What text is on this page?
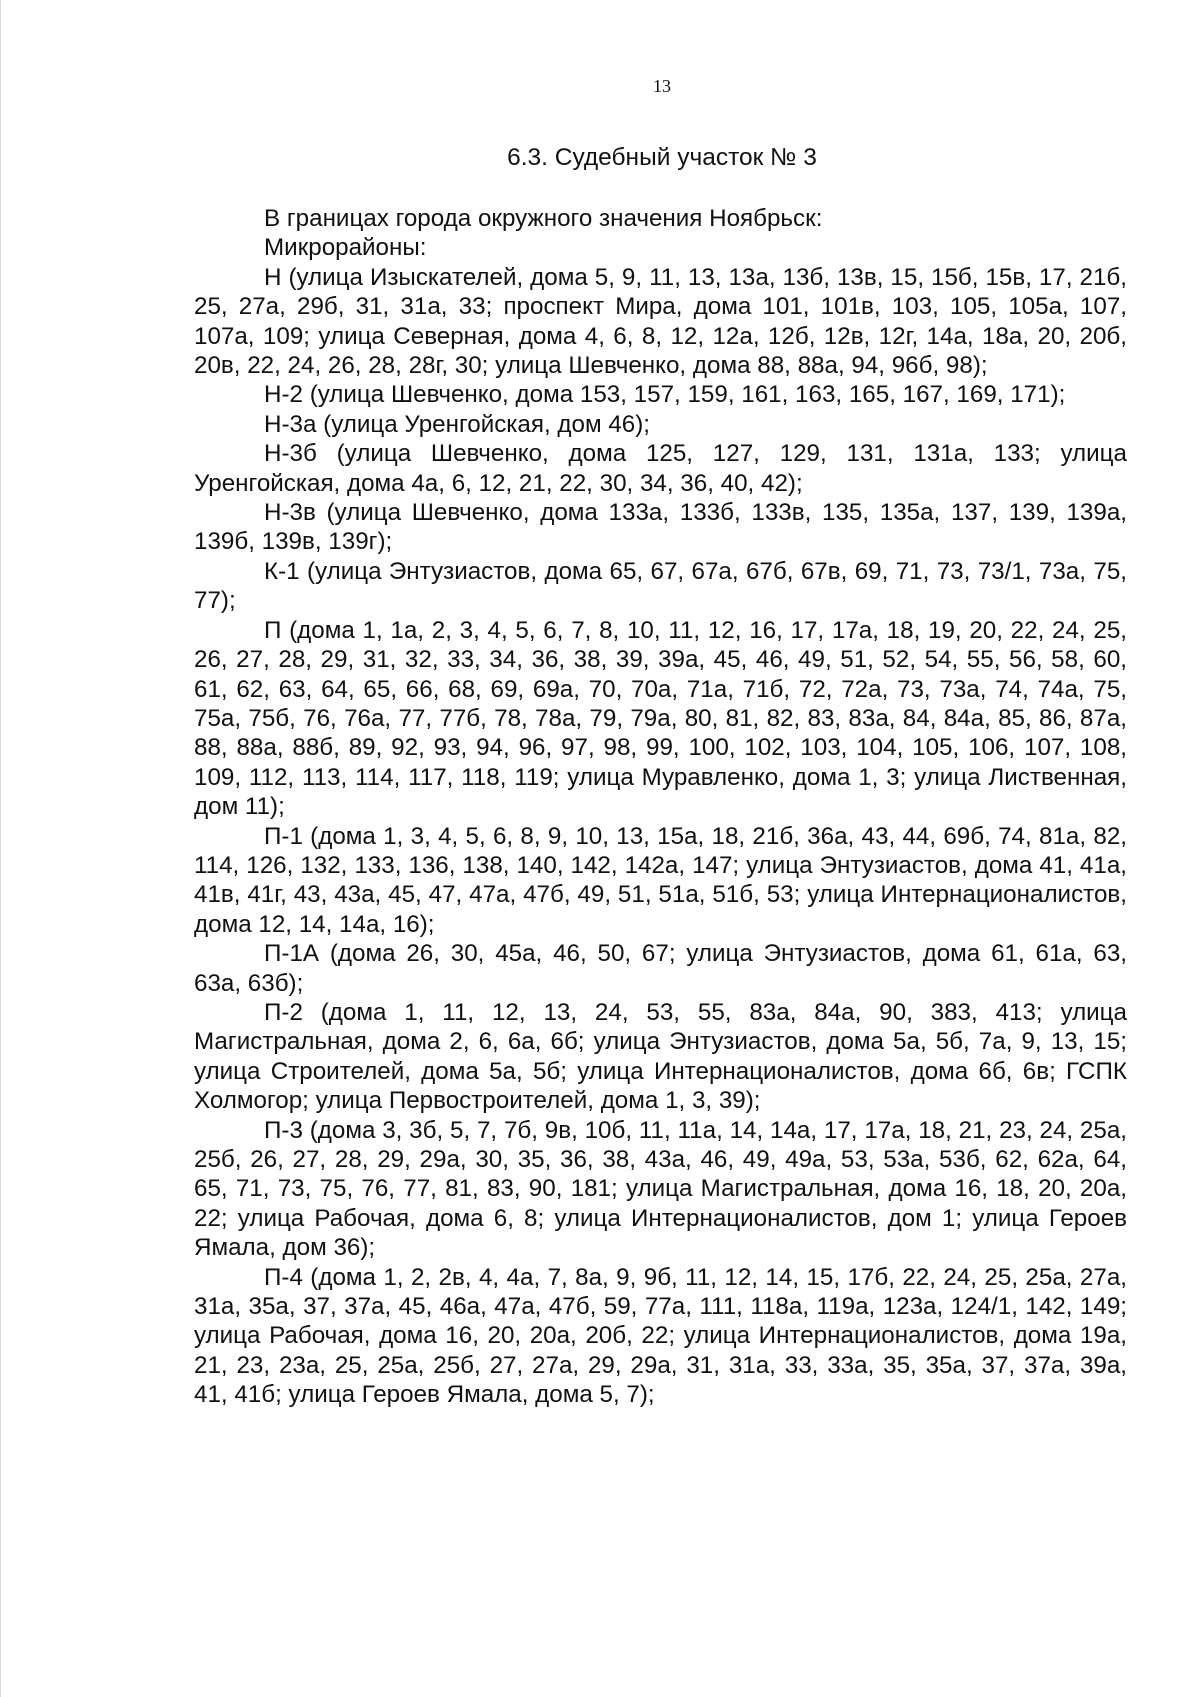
13
6.3. Судебный участок № 3

В границах города окружного значения Ноябрьск:

Микрорайоны:

Н (улица Изыскателей, дома 5, 9, 11, 13, 13а, 13б, 13в, 15, 15б, 15в, 17, 21б, 25, 27а, 29б, 31, 31а, 33; проспект Мира, дома 101, 101в, 103, 105, 105а, 107, 107а, 109; улица Северная, дома 4, 6, 8, 12, 12а, 12б, 12в, 12г, 14а, 18а, 20, 20б, 20в, 22, 24, 26, 28, 28г, 30; улица Шевченко, дома 88, 88а, 94, 96б, 98);

Н-2 (улица Шевченко, дома 153, 157, 159, 161, 163, 165, 167, 169, 171);

Н-3а (улица Уренгойская, дом 46);

Н-3б (улица Шевченко, дома 125, 127, 129, 131, 131а, 133; улица Уренгойская, дома 4а, 6, 12, 21, 22, 30, 34, 36, 40, 42);

Н-3в (улица Шевченко, дома 133а, 133б, 133в, 135, 135а, 137, 139, 139а, 139б, 139в, 139г);

К-1 (улица Энтузиастов, дома 65, 67, 67а, 67б, 67в, 69, 71, 73, 73/1, 73а, 75, 77);

П (дома 1, 1а, 2, 3, 4, 5, 6, 7, 8, 10, 11, 12, 16, 17, 17а, 18, 19, 20, 22, 24, 25, 26, 27, 28, 29, 31, 32, 33, 34, 36, 38, 39, 39а, 45, 46, 49, 51, 52, 54, 55, 56, 58, 60, 61, 62, 63, 64, 65, 66, 68, 69, 69а, 70, 70а, 71а, 71б, 72, 72а, 73, 73а, 74, 74а, 75, 75а, 75б, 76, 76а, 77, 77б, 78, 78а, 79, 79а, 80, 81, 82, 83, 83а, 84, 84а, 85, 86, 87а, 88, 88а, 88б, 89, 92, 93, 94, 96, 97, 98, 99, 100, 102, 103, 104, 105, 106, 107, 108, 109, 112, 113, 114, 117, 118, 119; улица Муравленко, дома 1, 3; улица Лиственная, дом 11);

П-1 (дома 1, 3, 4, 5, 6, 8, 9, 10, 13, 15а, 18, 21б, 36а, 43, 44, 69б, 74, 81а, 82, 114, 126, 132, 133, 136, 138, 140, 142, 142а, 147; улица Энтузиастов, дома 41, 41а, 41в, 41г, 43, 43а, 45, 47, 47а, 47б, 49, 51, 51а, 51б, 53; улица Интернационалистов, дома 12, 14, 14а, 16);

П-1А (дома 26, 30, 45а, 46, 50, 67; улица Энтузиастов, дома 61, 61а, 63, 63а, 63б);

П-2 (дома 1, 11, 12, 13, 24, 53, 55, 83а, 84а, 90, 383, 413; улица Магистральная, дома 2, 6, 6а, 6б; улица Энтузиастов, дома 5а, 5б, 7а, 9, 13, 15; улица Строителей, дома 5а, 5б; улица Интернационалистов, дома 6б, 6в; ГСПК Холмогор; улица Первостроителей, дома 1, 3, 39);

П-3 (дома 3, 3б, 5, 7, 7б, 9в, 10б, 11, 11а, 14, 14а, 17, 17а, 18, 21, 23, 24, 25а, 25б, 26, 27, 28, 29, 29а, 30, 35, 36, 38, 43а, 46, 49, 49а, 53, 53а, 53б, 62, 62а, 64, 65, 71, 73, 75, 76, 77, 81, 83, 90, 181; улица Магистральная, дома 16, 18, 20, 20а, 22; улица Рабочая, дома 6, 8; улица Интернационалистов, дом 1; улица Героев Ямала, дом 36);

П-4 (дома 1, 2, 2в, 4, 4а, 7, 8а, 9, 9б, 11, 12, 14, 15, 17б, 22, 24, 25, 25а, 27а, 31а, 35а, 37, 37а, 45, 46а, 47а, 47б, 59, 77а, 111, 118а, 119а, 123а, 124/1, 142, 149; улица Рабочая, дома 16, 20, 20а, 20б, 22; улица Интернационалистов, дома 19а, 21, 23, 23а, 25, 25а, 25б, 27, 27а, 29, 29а, 31, 31а, 33, 33а, 35, 35а, 37, 37а, 39а, 41, 41б; улица Героев Ямала, дома 5, 7);
